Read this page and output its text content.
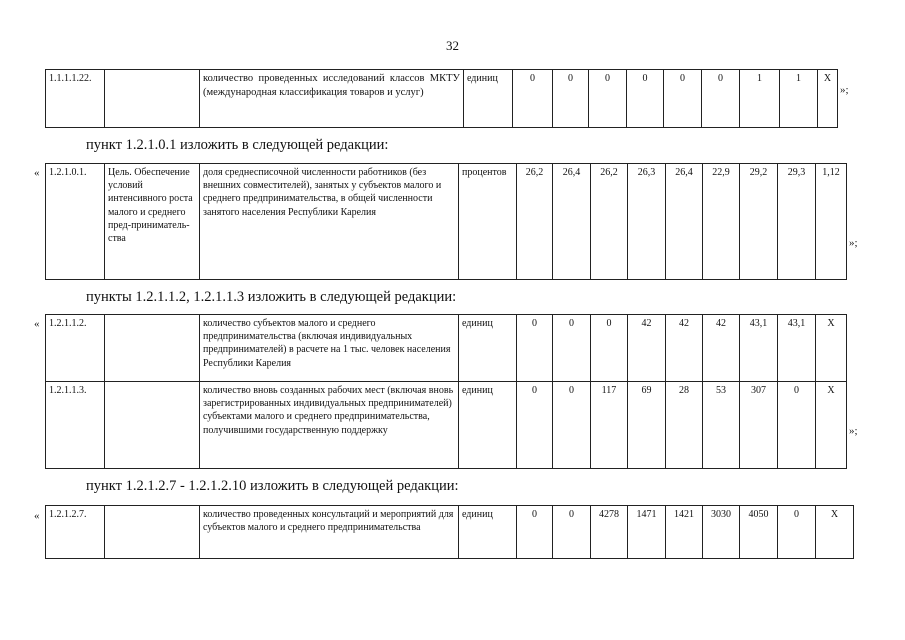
32
1.1.1.1.22.		количество проведенных исследований классов МКТУ (международная классификация товаров и услуг)	единиц	0	0	0	0	0	0	1	1	X
»;
пункт 1.2.1.0.1 изложить в следующей редакции:
« 1.2.1.0.1.	Цель. Обеспечение условий интенсивного роста малого и среднего пред-приниматель-ства	доля среднесписочной численности работников (без внешних совместителей), занятых у субъектов малого и среднего предпринимательства, в общей численности занятого населения Республики Карелия	процентов	26,2	26,4	26,2	26,3	26,4	22,9	29,2	29,3	1,12
»;
пункты 1.2.1.1.2, 1.2.1.1.3 изложить в следующей редакции:
« 1.2.1.1.2.		количество субъектов малого и среднего предпринимательства (включая индивидуальных предпринимателей) в расчете на 1 тыс. человек населения Республики Карелия	единиц	0	0	0	42	42	42	43,1	43,1	X
1.2.1.1.3.		количество вновь созданных рабочих мест (включая вновь зарегистрированных индивидуальных предпринимателей) субъектами малого и среднего предпринимательства, получившими государственную поддержку	единиц	0	0	117	69	28	53	307	0	X
»;
пункт 1.2.1.2.7 - 1.2.1.2.10 изложить в следующей редакции:
« 1.2.1.2.7.		количество проведенных консультаций и мероприятий для субъектов малого и среднего предпринимательства	единиц	0	0	4278	1471	1421	3030	4050	0	X
